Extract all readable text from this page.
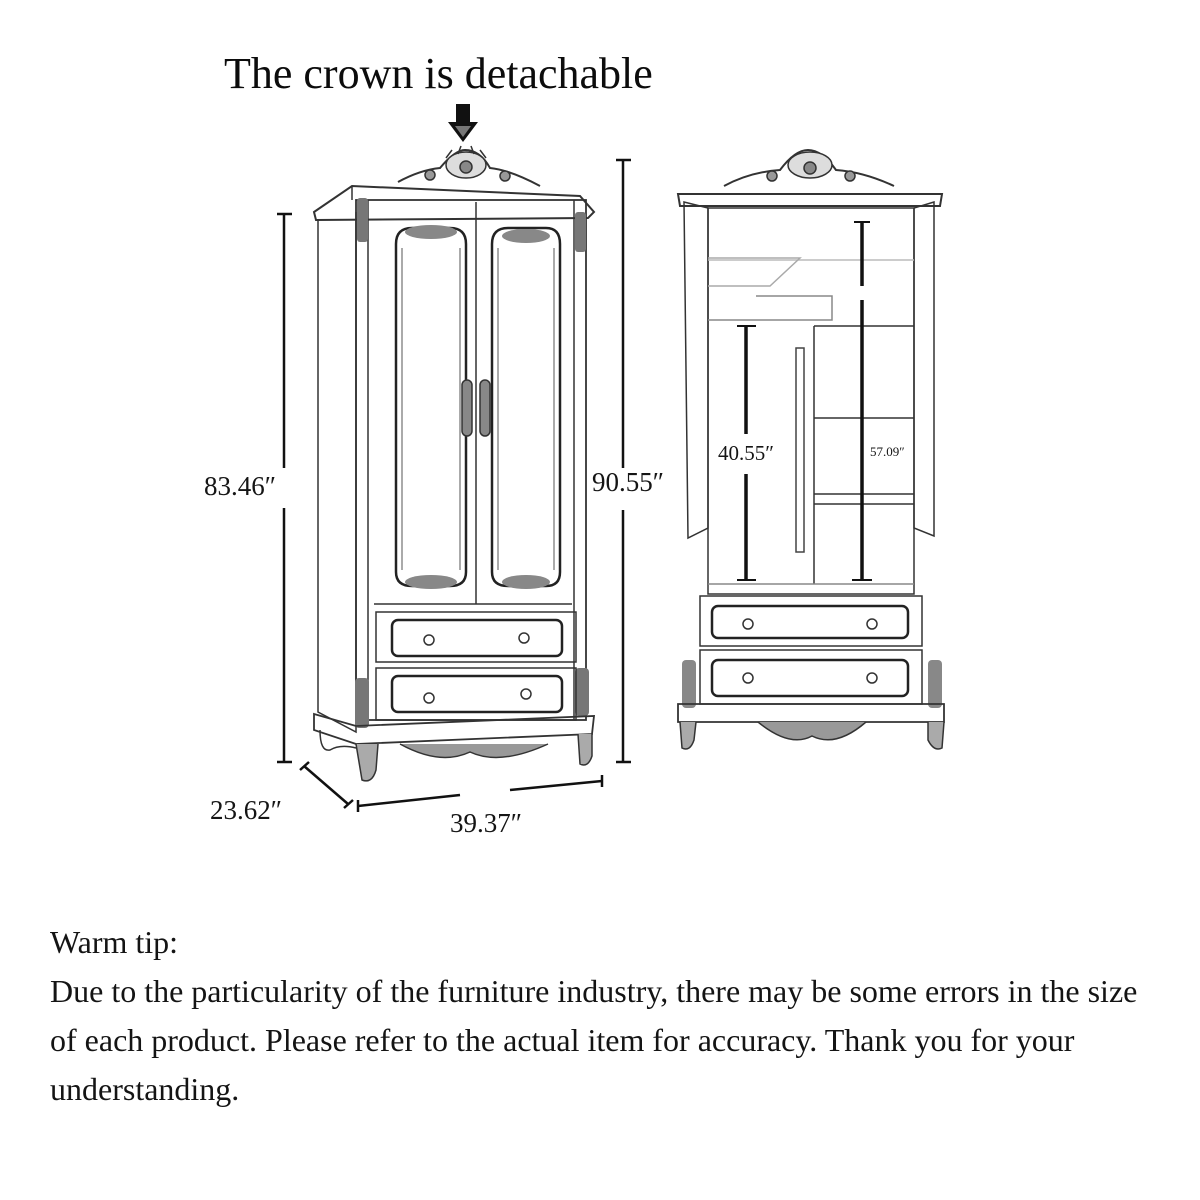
The crown is detachable
83.46″	90.55″
23.62″	39.37″
40.55″	57.09″

Warm tip:

Due to the particularity of the furniture industry, there may be some errors in the size of each product. Please refer to the actual item for accuracy. Thank you for your understanding.
